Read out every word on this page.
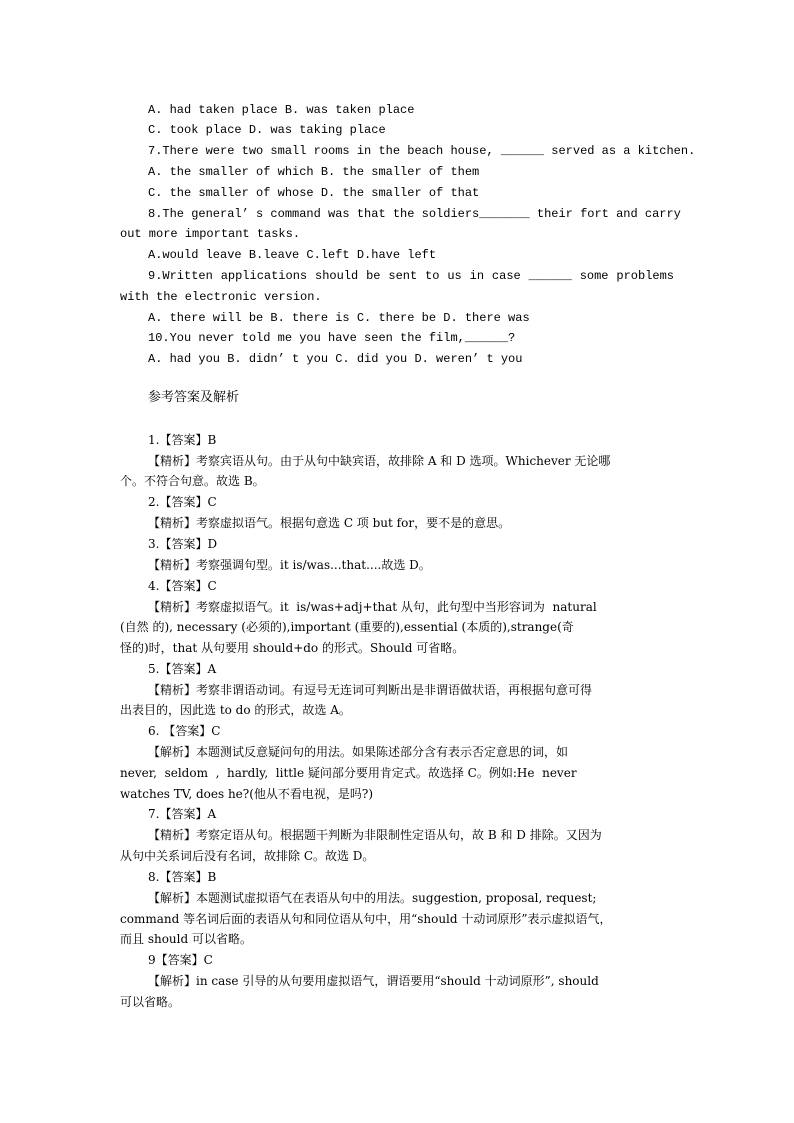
A. had taken place B. was taken place
C. took place D. was taking place
7.There were two small rooms in the beach house, ______ served as a kitchen.
A. the smaller of which B. the smaller of them
C. the smaller of whose D. the smaller of that
8.The general’ s command was that the soldiers_______ their fort and carry
out more important tasks.
A.would leave B.leave C.left D.have left
9.Written applications should be sent to us in case ______ some problems
with the electronic version.
A. there will be B. there is C. there be D. there was
10.You never told me you have seen the film,______?
A. had you B. didn’ t you C. did you D. weren’ t you
参考答案及解析
1.【答案】B
【精析】考察宾语从句。由于从句中缺宾语，故排除 A 和 D 选项。Whichever 无论哪
个。不符合句意。故选 B。
2.【答案】C
【精析】考察虚拟语气。根据句意选 C 项 but for，要不是的意思。
3.【答案】D
【精析】考察强调句型。it is/was...that....故选 D。
4.【答案】C
【精析】考察虚拟语气。it  is/was+adj+that 从句，此句型中当形容词为  natural
(自然 的), necessary (必须的),important (重要的),essential (本质的),strange(奇
怪的)时，that 从句要用 should+do 的形式。Should 可省略。
5.【答案】A
【精析】考察非谓语动词。有逗号无连词可判断出是非谓语做状语，再根据句意可得
出表目的，因此选 to do 的形式，故选 A。
6. 【答案】C
【解析】本题测试反意疑问句的用法。如果陈述部分含有表示否定意思的词，如
never,  seldom  ,  hardly,  little 疑问部分要用肯定式。故选择 C。例如:He  never
watches TV, does he?(他从不看电视，是吗?)
7.【答案】A
【精析】考察定语从句。根据题干判断为非限制性定语从句，故 B 和 D 排除。又因为
从句中关系词后没有名词，故排除 C。故选 D。
8.【答案】B
【解析】本题测试虚拟语气在表语从句中的用法。suggestion, proposal, request;
command 等名词后面的表语从句和同位语从句中，用“should 十动词原形”表示虚拟语气，
而且 should 可以省略。
9【答案】C
【解析】in case 引导的从句要用虚拟语气，谓语要用“should 十动词原形”, should
可以省略。
